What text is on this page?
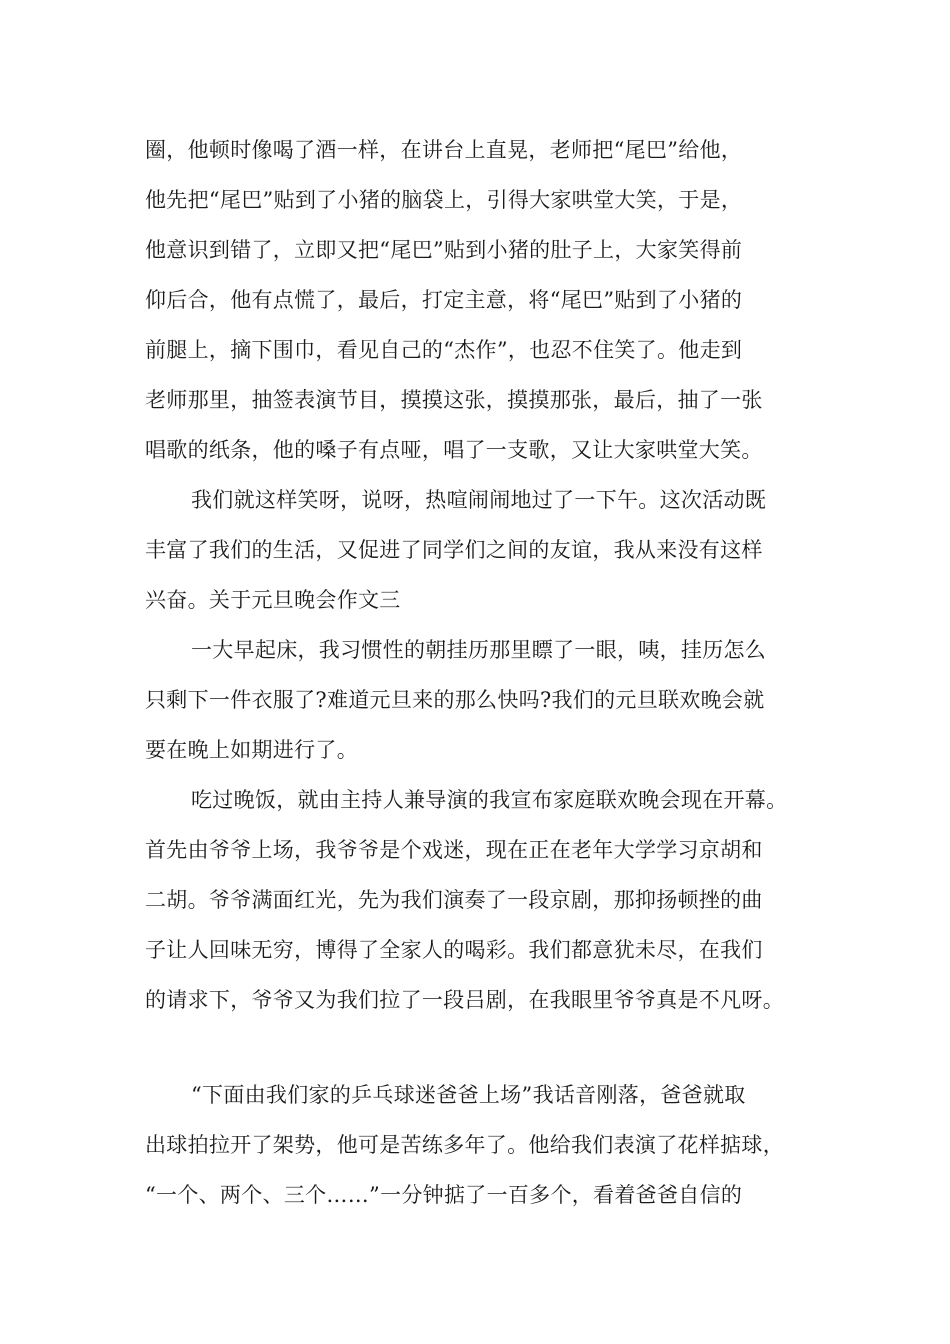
圈，他顿时像喝了酒一样，在讲台上直晃，老师把“尾巴”给他，
他先把“尾巴”贴到了小猪的脑袋上，引得大家哄堂大笑，于是，
他意识到错了，立即又把“尾巴”贴到小猪的肚子上，大家笑得前
仰后合，他有点慌了，最后，打定主意，将“尾巴”贴到了小猪的
前腿上，摘下围巾，看见自己的“杰作”，也忍不住笑了。他走到
老师那里，抽签表演节目，摸摸这张，摸摸那张，最后，抽了一张
唱歌的纸条，他的嗓子有点哑，唱了一支歌，又让大家哄堂大笑。
我们就这样笑呀，说呀，热喧闹闹地过了一下午。这次活动既
丰富了我们的生活，又促进了同学们之间的友谊，我从来没有这样
兴奋。关于元旦晚会作文三
一大早起床，我习惯性的朝挂历那里瞟了一眼，咦，挂历怎么
只剩下一件衣服了?难道元旦来的那么快吗?我们的元旦联欢晚会就
要在晚上如期进行了。
吃过晚饭，就由主持人兼导演的我宣布家庭联欢晚会现在开幕。
首先由爷爷上场，我爷爷是个戏迷，现在正在老年大学学习京胡和
二胡。爷爷满面红光，先为我们演奏了一段京剧，那抑扬顿挫的曲
子让人回味无穷，博得了全家人的喝彩。我们都意犹未尽，在我们
的请求下，爷爷又为我们拉了一段吕剧，在我眼里爷爷真是不凡呀。
“下面由我们家的乒乓球迷爸爸上场”我话音刚落，爸爸就取
出球拍拉开了架势，他可是苦练多年了。他给我们表演了花样掂球，
“一个、两个、三个……”一分钟掂了一百多个，看着爸爸自信的
